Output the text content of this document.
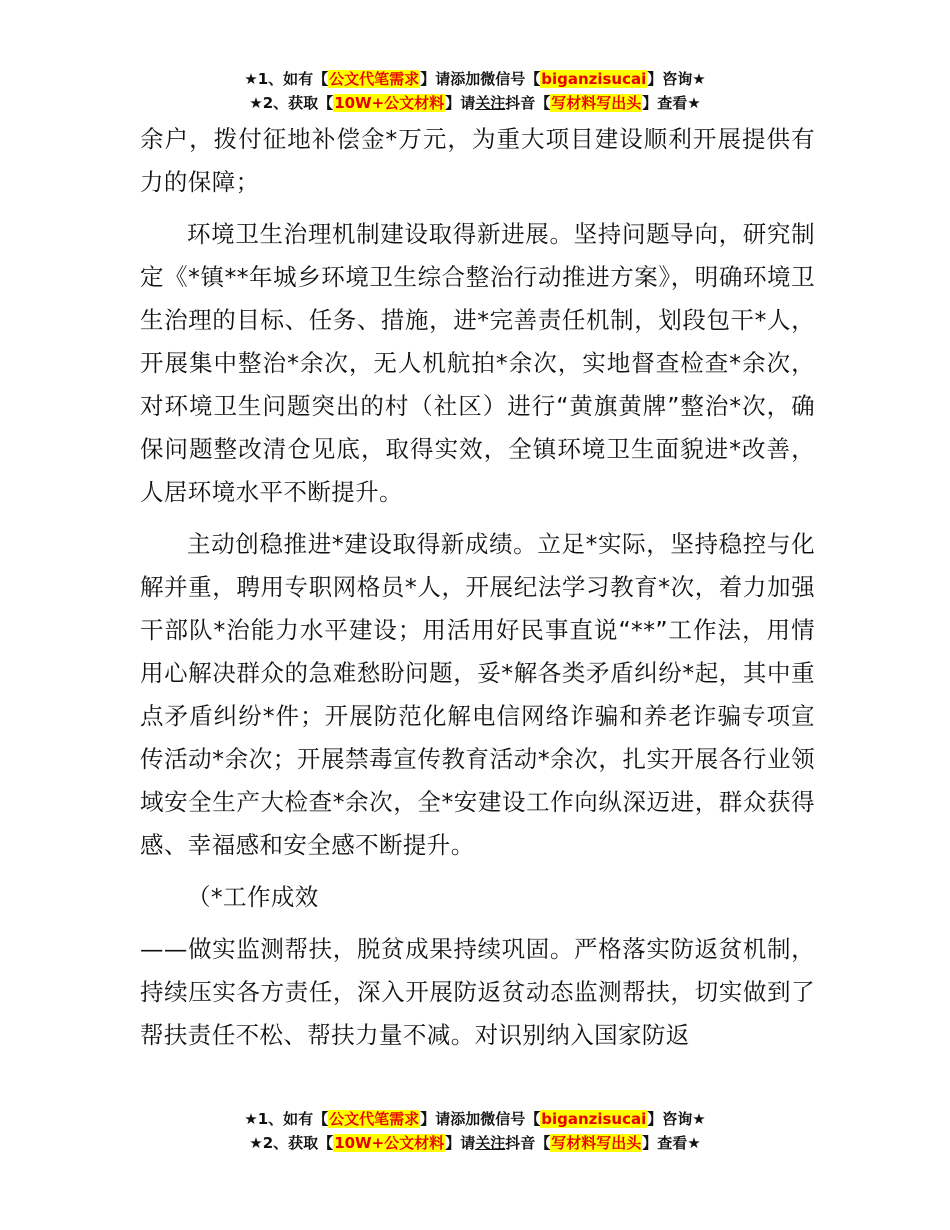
★1、如有【公文代笔需求】请添加微信号【biganzisucai】咨询★
★2、获取【10W+公文材料】请关注抖音【写材料写出头】查看★

余户，拨付征地补偿金*万元，为重大项目建设顺利开展提供有力的保障；

环境卫生治理机制建设取得新进展。坚持问题导向，研究制定《*镇**年城乡环境卫生综合整治行动推进方案》，明确环境卫生治理的目标、任务、措施，进*完善责任机制，划段包干*人，开展集中整治*余次，无人机航拍*余次，实地督查检查*余次，对环境卫生问题突出的村（社区）进行“黄旗黄牌”整治*次，确保问题整改清仓见底，取得实效，全镇环境卫生面貌进*改善，人居环境水平不断提升。

主动创稳推进*建设取得新成绩。立足*实际，坚持稳控与化解并重，聘用专职网格员*人，开展纪法学习教育*次，着力加强干部队*治能力水平建设；用活用好民事直说“**”工作法，用情用心解决群众的急难愁盼问题，妥*解各类矛盾纠纷*起，其中重点矛盾纠纷*件；开展防范化解电信网络诈骗和养老诈骗专项宣传活动*余次；开展禁毒宣传教育活动*余次，扎实开展各行业领域安全生产大检查*余次，全*安建设工作向纵深迈进，群众获得感、幸福感和安全感不断提升。

（*工作成效

——做实监测帮扶，脱贫成果持续巩固。严格落实防返贫机制，持续压实各方责任，深入开展防返贫动态监测帮扶，切实做到了帮扶责任不松、帮扶力量不减。对识别纳入国家防返

★1、如有【公文代笔需求】请添加微信号【biganzisucai】咨询★
★2、获取【10W+公文材料】请关注抖音【写材料写出头】查看★
